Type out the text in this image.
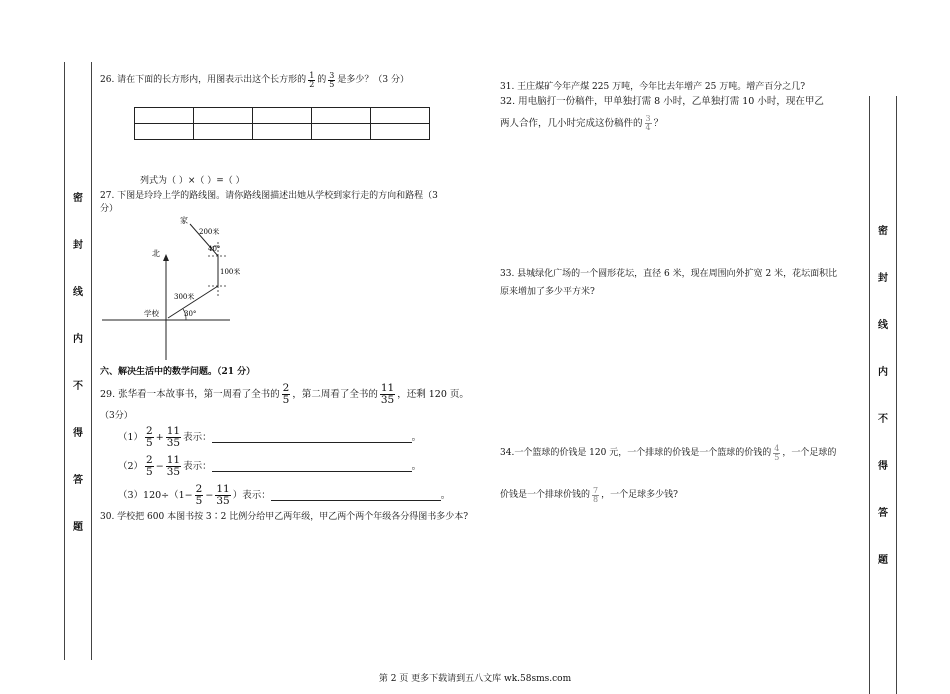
密
封
线
内
不
得
答
题
密
封
线
内
不
得
答
题
26. 请在下面的长方形内，用图表示出这个长方形的 $\frac{1}{2}$ 的 $\frac{3}{5}$ 是多少？（3 分）

列式为（ ）×（ ）=（ ）
27. 下图是玲玲上学的路线图。请你路线图描述出她从学校到家行走的方向和路程（3
分）
北
家
学校
200米
100米
300米
40°
30°
六、解决生活中的数学问题。（21 分）
29. 张华看一本故事书，第一周看了全书的 $\frac{2}{5}$ ，第二周看了全书的 $\frac{11}{35}$ ，还剩 120 页。
（3分）
$(1) \frac{2}{5} + \frac{11}{35}$ 表示：	。
$(2) \frac{2}{5} - \frac{11}{35}$ 表示：	。
$(3)120\div(1- \frac{2}{5} - \frac{11}{35}$ ）表示：	。
30. 学校把 600 本图书按 3∶2 比例分给甲乙两年级，甲乙两个两个年级各分得图书多少本?
31. 王庄煤矿今年产煤 225 万吨，今年比去年增产 25 万吨。增产百分之几?
32. 用电脑打一份稿件，甲单独打需 8 小时，乙单独打需 10 小时，现在甲乙
两人合作，几小时完成这份稿件的 $\frac{3}{4}$ ？
33. 县城绿化广场的一个圆形花坛，直径 6 米，现在周围向外扩宽 2 米，花坛面积比
原来增加了多少平方米?
34.一个篮球的价钱是 120 元，一个排球的价钱是一个篮球的价钱的 $\frac{4}{5}$ ，一个足球的
价钱是一个排球价钱的 $\frac{7}{8}$ ，一个足球多少钱?
第 2 页 更多下载请到五八文库 wk.58sms.com
